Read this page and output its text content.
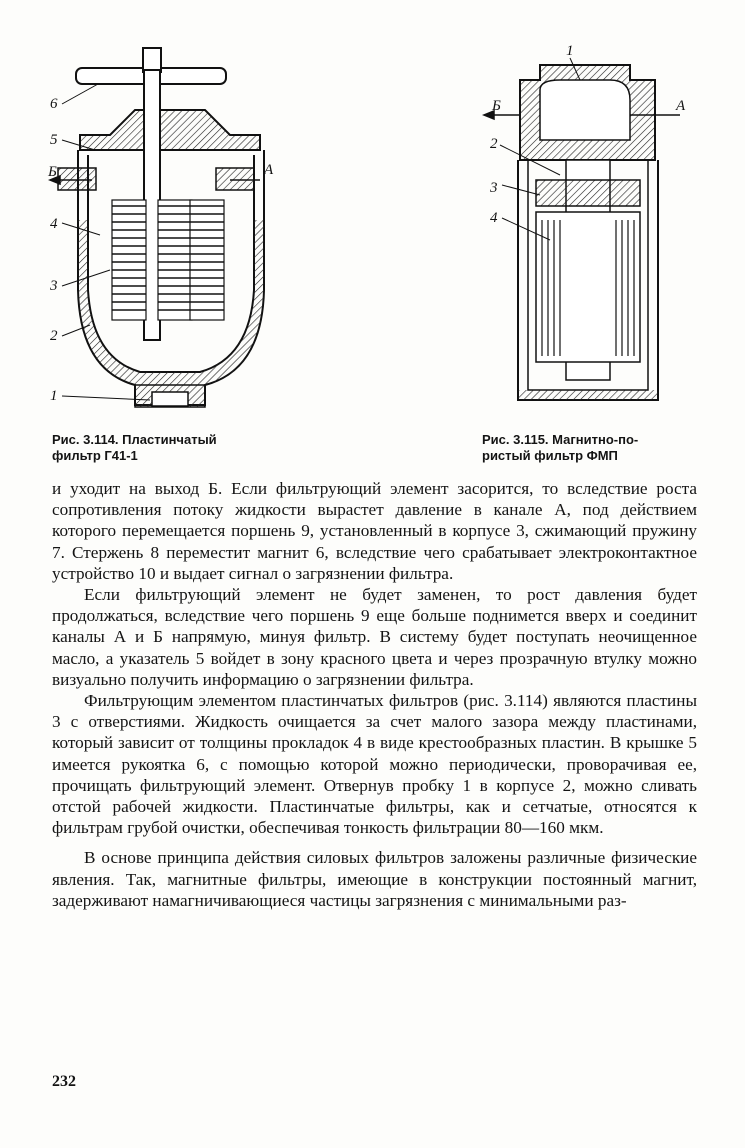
6
5
Б	А
4
3
2
1
Рис. 3.114. Пластинчатый
фильтр Г41-1
1
Б	А
2
3
4
Рис. 3.115. Магнитно-по-
ристый фильтр ФМП

и уходит на выход Б. Если фильтрующий элемент засорится, то вследствие роста сопротивления потоку жидкости вырастет давление в канале А, под действием которого перемещается поршень 9, установленный в корпусе 3, сжимающий пружину 7. Стержень 8 переместит магнит 6, вследствие чего срабатывает электроконтактное устройство 10 и выдает сигнал о загрязнении фильтра.

Если фильтрующий элемент не будет заменен, то рост давления будет продолжаться, вследствие чего поршень 9 еще больше поднимется вверх и соединит каналы А и Б напрямую, минуя фильтр. В систему будет поступать неочищенное масло, а указатель 5 войдет в зону красного цвета и через прозрачную втулку можно визуально получить информацию о загрязнении фильтра.

Фильтрующим элементом пластинчатых фильтров (рис. 3.114) являются пластины 3 с отверстиями. Жидкость очищается за счет малого зазора между пластинами, который зависит от толщины прокладок 4 в виде крестообразных пластин. В крышке 5 имеется рукоятка 6, с помощью которой можно периодически, проворачивая ее, прочищать фильтрующий элемент. Отвернув пробку 1 в корпусе 2, можно сливать отстой рабочей жидкости. Пластинчатые фильтры, как и сетчатые, относятся к фильтрам грубой очистки, обеспечивая тонкость фильтрации 80—160 мкм.

В основе принципа действия силовых фильтров заложены различные физические явления. Так, магнитные фильтры, имеющие в конструкции постоянный магнит, задерживают намагничивающиеся частицы загрязнения с минимальными раз-

232
